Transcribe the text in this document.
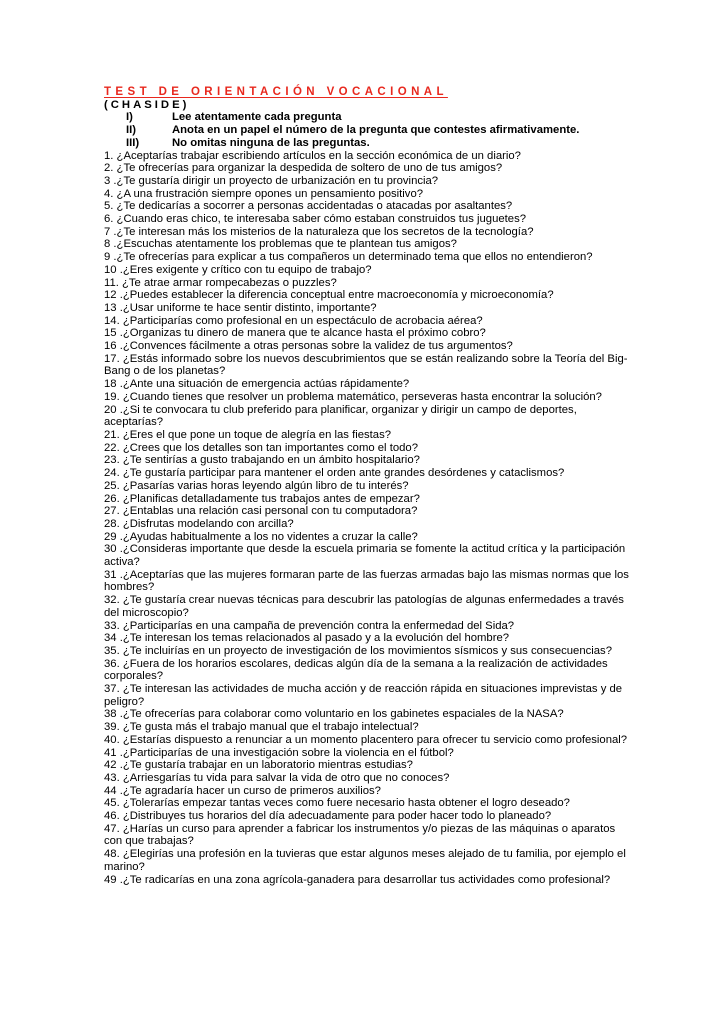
TEST DE ORIENTACIÓN VOCACIONAL
(CHASIDE)
I)	Lee atentamente cada pregunta
II)	Anota en un papel el número de la pregunta que contestes afirmativamente.
III)	No omitas ninguna de las preguntas.
1. ¿Aceptarías trabajar escribiendo artículos en la sección económica de un diario?
2. ¿Te ofrecerías para organizar la despedida de soltero de uno de tus amigos?
3 .¿Te gustaría dirigir un proyecto de urbanización en tu provincia?
4. ¿A una frustración siempre opones un pensamiento positivo?
5. ¿Te dedicarías a socorrer a personas accidentadas o atacadas por asaltantes?
6. ¿Cuando eras chico, te interesaba saber cómo estaban construidos tus juguetes?
7 .¿Te interesan más los misterios de la naturaleza que los secretos de la tecnología?
8 .¿Escuchas atentamente los problemas que te plantean tus amigos?
9 .¿Te ofrecerías para explicar a tus compañeros un determinado tema que ellos no entendieron?
10 .¿Eres exigente y crítico con tu equipo de trabajo?
11. ¿Te atrae armar rompecabezas o puzzles?
12 .¿Puedes establecer la diferencia conceptual entre macroeconomía y microeconomía?
13 .¿Usar uniforme te hace sentir distinto, importante?
14. ¿Participarías como profesional en un espectáculo de acrobacia aérea?
15 .¿Organizas tu dinero de manera que te alcance hasta el próximo cobro?
16 .¿Convences fácilmente a otras personas sobre la validez de tus argumentos?
17. ¿Estás informado sobre los nuevos descubrimientos que se están realizando sobre la Teoría del Big-Bang o de los planetas?
18 .¿Ante una situación de emergencia actúas rápidamente?
19. ¿Cuando tienes que resolver un problema matemático, perseveras hasta encontrar la solución?
20 .¿Si te convocara tu club preferido para planificar, organizar y dirigir un campo de deportes, aceptarías?
21. ¿Eres el que pone un toque de alegría en las fiestas?
22. ¿Crees que los detalles son tan importantes como el todo?
23. ¿Te sentirías a gusto trabajando en un ámbito hospitalario?
24. ¿Te gustaría participar para mantener el orden ante grandes desórdenes y cataclismos?
25. ¿Pasarías varias horas leyendo algún libro de tu interés?
26. ¿Planificas detalladamente tus trabajos antes de empezar?
27. ¿Entablas una relación casi personal con tu computadora?
28. ¿Disfrutas modelando con arcilla?
29 .¿Ayudas habitualmente a los no videntes a cruzar la calle?
30 .¿Consideras importante que desde la escuela primaria se fomente la actitud crítica y la participación activa?
31 .¿Aceptarías que las mujeres formaran parte de las fuerzas armadas bajo las mismas normas que los hombres?
32. ¿Te gustaría crear nuevas técnicas para descubrir las patologías de algunas enfermedades a través del microscopio?
33. ¿Participarías en una campaña de prevención contra la enfermedad del Sida?
34 .¿Te interesan los temas relacionados al pasado y a la evolución del hombre?
35. ¿Te incluirías en un proyecto de investigación de los movimientos sísmicos y sus consecuencias?
36. ¿Fuera de los horarios escolares, dedicas algún día de la semana a la realización de actividades corporales?
37. ¿Te interesan las actividades de mucha acción y de reacción rápida en situaciones imprevistas y de peligro?
38 .¿Te ofrecerías para colaborar como voluntario en los gabinetes espaciales de la NASA?
39. ¿Te gusta más el trabajo manual que el trabajo intelectual?
40. ¿Estarías dispuesto a renunciar a un momento placentero para ofrecer tu servicio como profesional?
41 .¿Participarías de una investigación sobre la violencia en el fútbol?
42 .¿Te gustaría trabajar en un laboratorio mientras estudias?
43. ¿Arriesgarías tu vida para salvar la vida de otro que no conoces?
44 .¿Te agradaría hacer un curso de primeros auxilios?
45. ¿Tolerarías empezar tantas veces como fuere necesario hasta obtener el logro deseado?
46. ¿Distribuyes tus horarios del día adecuadamente para poder hacer todo lo planeado?
47. ¿Harías un curso para aprender a fabricar los instrumentos y/o piezas de las máquinas o aparatos con que trabajas?
48. ¿Elegirías una profesión en la tuvieras que estar algunos meses alejado de tu familia, por ejemplo el marino?
49 .¿Te radicarías en una zona agrícola-ganadera para desarrollar tus actividades como profesional?
